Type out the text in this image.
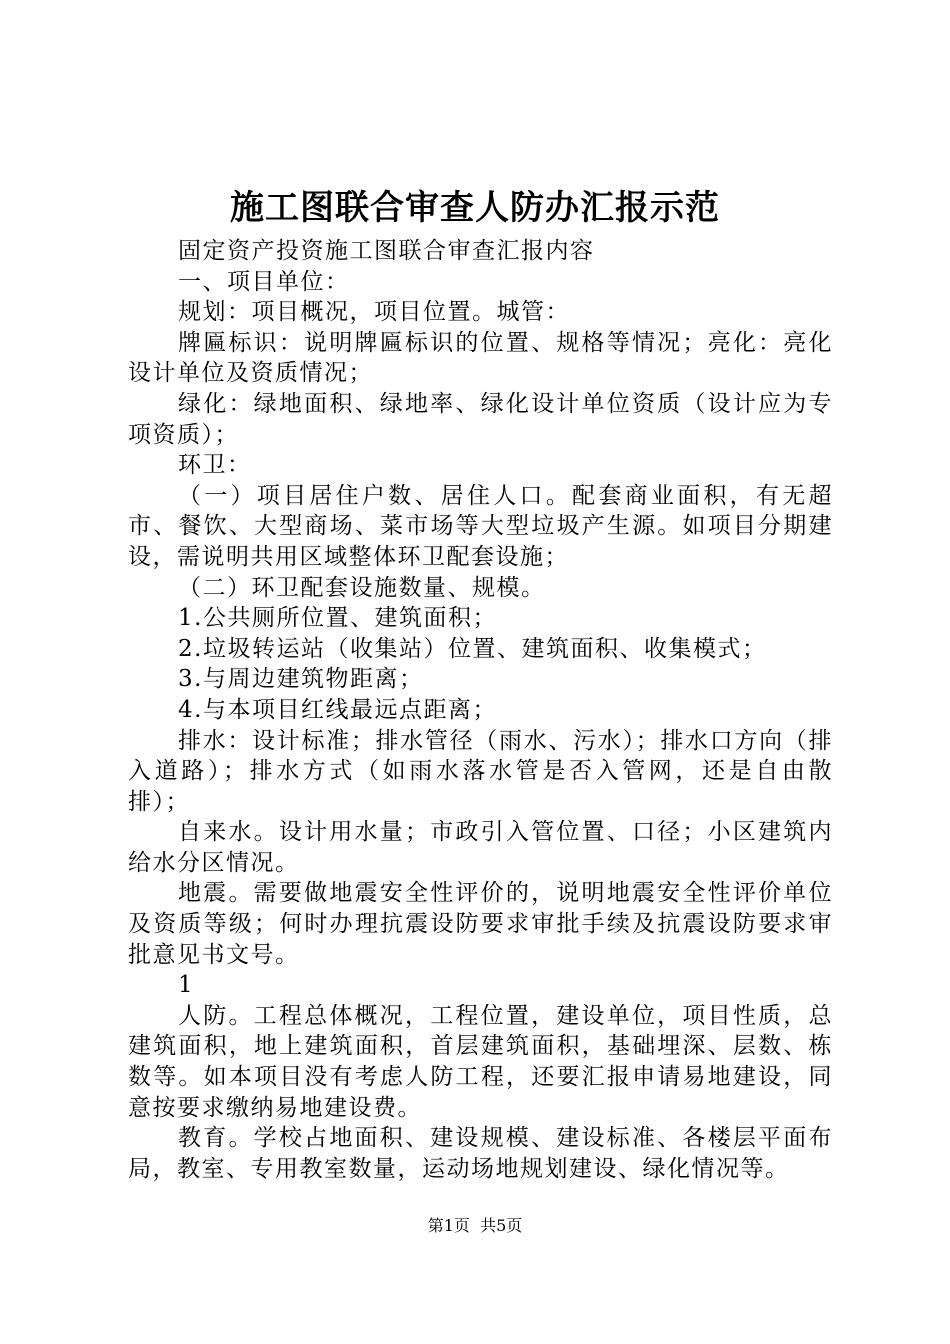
施工图联合审查人防办汇报示范

固定资产投资施工图联合审查汇报内容

一、项目单位：

规划：项目概况，项目位置。城管：

牌匾标识：说明牌匾标识的位置、规格等情况；亮化：亮化设计单位及资质情况；

绿化：绿地面积、绿地率、绿化设计单位资质（设计应为专项资质）；

环卫：

（一）项目居住户数、居住人口。配套商业面积，有无超市、餐饮、大型商场、菜市场等大型垃圾产生源。如项目分期建设，需说明共用区域整体环卫配套设施；

（二）环卫配套设施数量、规模。

1.公共厕所位置、建筑面积；

2.垃圾转运站（收集站）位置、建筑面积、收集模式；

3.与周边建筑物距离；

4.与本项目红线最远点距离；

排水：设计标准；排水管径（雨水、污水）；排水口方向（排入道路）；排水方式（如雨水落水管是否入管网，还是自由散排）；

自来水。设计用水量；市政引入管位置、口径；小区建筑内给水分区情况。

地震。需要做地震安全性评价的，说明地震安全性评价单位及资质等级；何时办理抗震设防要求审批手续及抗震设防要求审批意见书文号。

1

人防。工程总体概况，工程位置，建设单位，项目性质，总建筑面积，地上建筑面积，首层建筑面积，基础埋深、层数、栋数等。如本项目没有考虑人防工程，还要汇报申请易地建设，同意按要求缴纳易地建设费。

教育。学校占地面积、建设规模、建设标准、各楼层平面布局，教室、专用教室数量，运动场地规划建设、绿化情况等。

第1页 共5页
